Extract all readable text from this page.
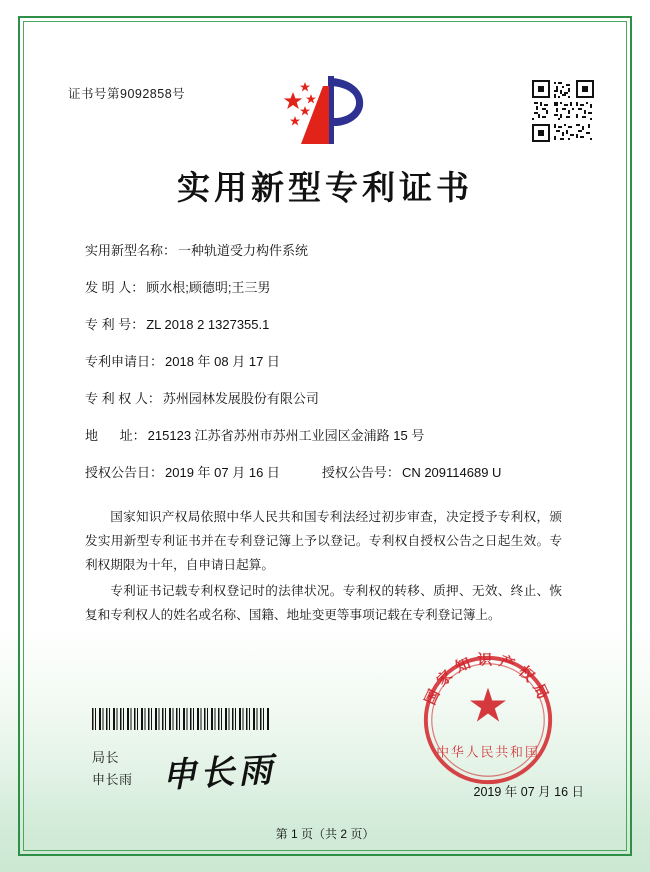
证书号第9092858号
实用新型专利证书
实用新型名称： 一种轨道受力构件系统
发 明 人： 顾水根;顾德明;王三男
专 利 号： ZL 2018 2 1327355.1
专利申请日： 2018 年 08 月 17 日
专 利 权 人： 苏州园林发展股份有限公司
地      址： 215123 江苏省苏州市苏州工业园区金浦路 15 号
授权公告日： 2019 年 07 月 16 日	授权公告号： CN 209114689 U

国家知识产权局依照中华人民共和国专利法经过初步审查，决定授予专利权，颁发实用新型专利证书并在专利登记簿上予以登记。专利权自授权公告之日起生效。专利权期限为十年，自申请日起算。

专利证书记载专利权登记时的法律状况。专利权的转移、质押、无效、终止、恢复和专利权人的姓名或名称、国籍、地址变更等事项记载在专利登记簿上。

局长
申长雨 申长雨
国家知识产权局
中华人民共和国
2019 年 07 月 16 日
第 1 页（共 2 页）
